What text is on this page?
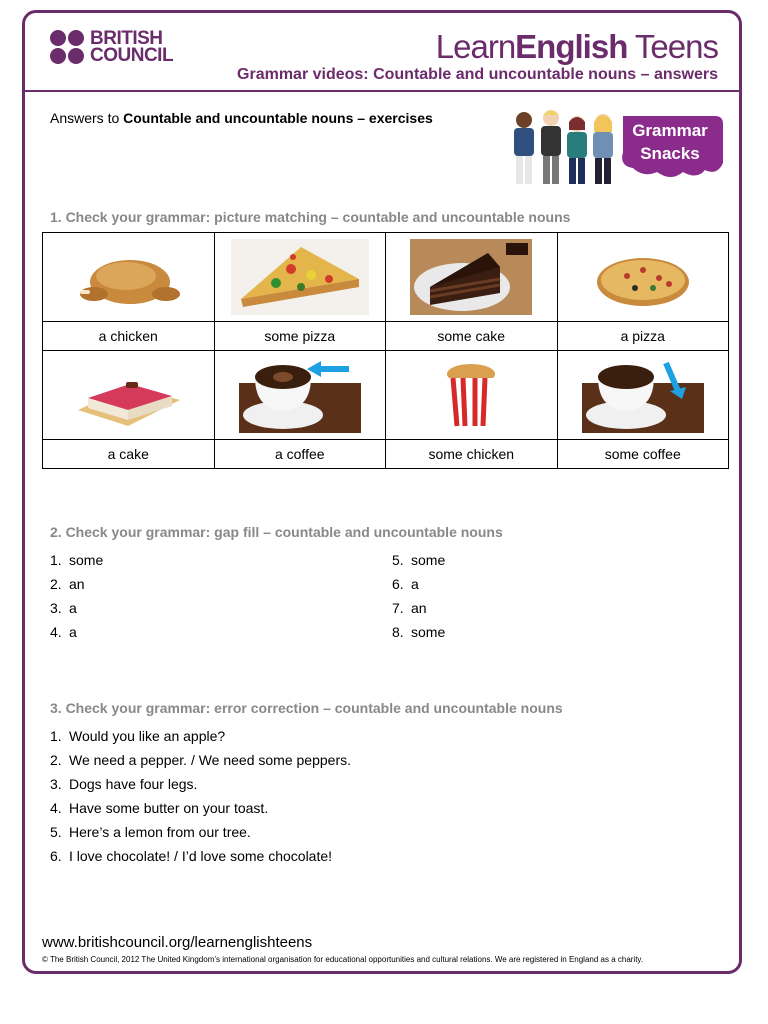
BRITISH
COUNCIL	LearnEnglish Teens
Grammar videos: Countable and uncountable nouns – answers
Answers to Countable and uncountable nouns – exercises
Grammar
Snacks
1. Check your grammar: picture matching – countable and uncountable nouns

a chicken	some pizza	some cake	a pizza

a cake	a coffee	some chicken	some coffee
2. Check your grammar: gap fill – countable and uncountable nouns
1. some
2. an
3. a
4. a
5. some
6. a
7. an
8. some
3. Check your grammar: error correction – countable and uncountable nouns
1. Would you like an apple?
2. We need a pepper. / We need some peppers.
3. Dogs have four legs.
4. Have some butter on your toast.
5. Here’s a lemon from our tree.
6. I love chocolate! / I’d love some chocolate!
www.britishcouncil.org/learnenglishteens
© The British Council, 2012 The United Kingdom’s international organisation for educational opportunities and cultural relations. We are registered in England as a charity.
